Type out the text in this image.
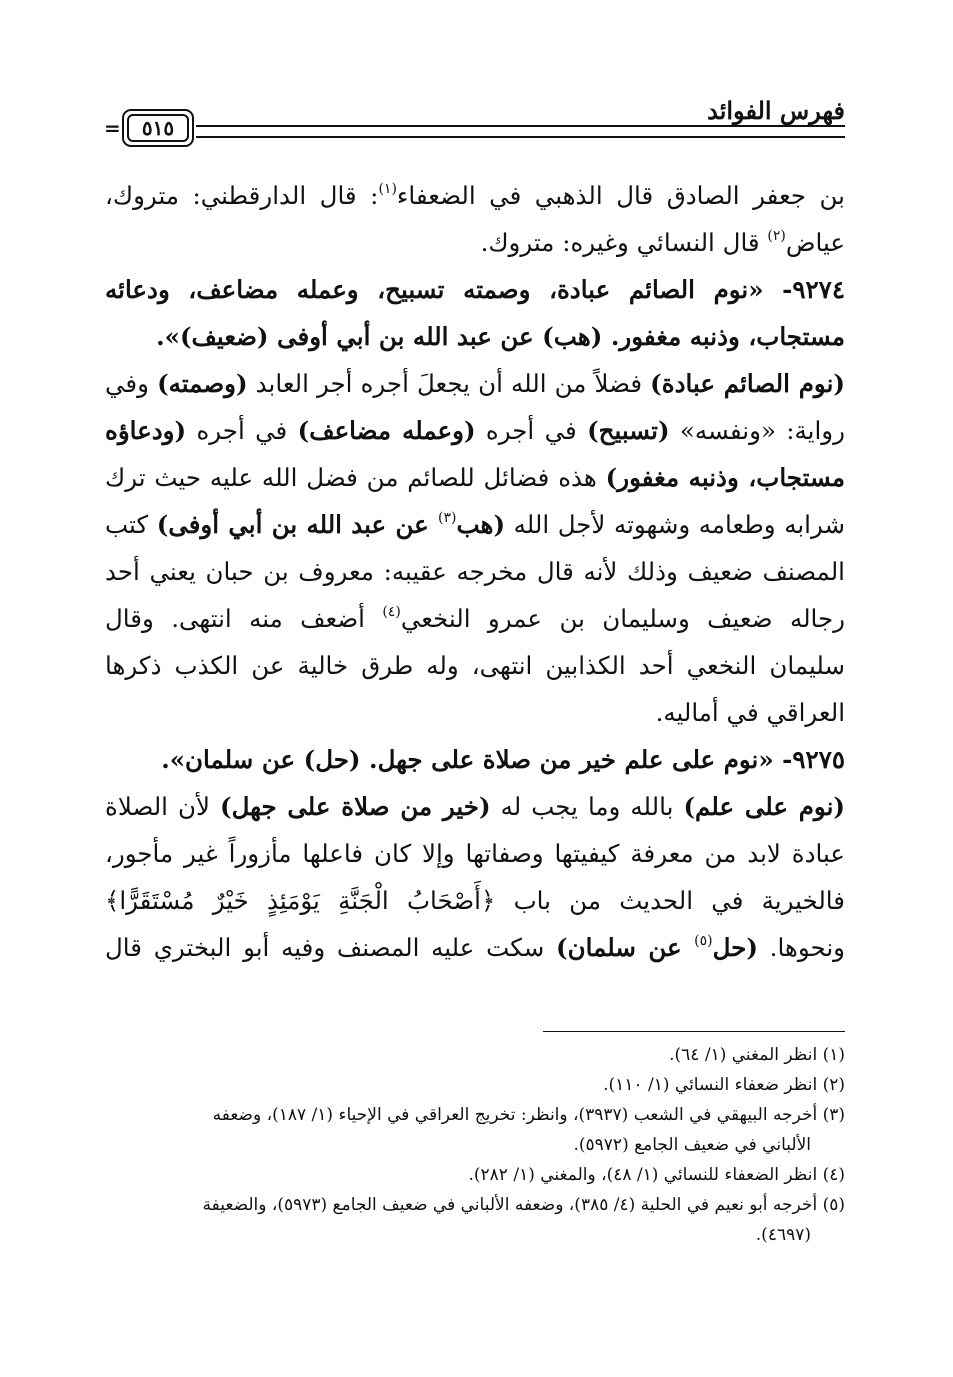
فهرس الفوائد
٥١٥
=
بن جعفر الصادق قال الذهبي في الضعفاء$^{(١)}$: قال الدارقطني: متروك،
عياض$^{(٢)}$ قال النسائي وغيره: متروك.
٩٢٧٤- «نوم الصائم عبادة، وصمته تسبيح، وعمله مضاعف، ودعائه
مستجاب، وذنبه مغفور. (هب) عن عبد الله بن أبي أوفى (ضعيف)».
(نوم الصائم عبادة) فضلاً من الله أن يجعلَ أجره أجر العابد (وصمته) وفي
رواية: «ونفسه» (تسبيح) في أجره (وعمله مضاعف) في أجره (ودعاؤه
مستجاب، وذنبه مغفور) هذه فضائل للصائم من فضل الله عليه حيث ترك
شرابه وطعامه وشهوته لأجل الله (هب$^{(٣)}$ عن عبد الله بن أبي أوفى) كتب
المصنف ضعيف وذلك لأنه قال مخرجه عقيبه: معروف بن حبان يعني أحد
رجاله ضعيف وسليمان بن عمرو النخعي$^{(٤)}$ أضعف منه انتهى. وقال
سليمان النخعي أحد الكذابين انتهى، وله طرق خالية عن الكذب ذكرها
العراقي في أماليه.
٩٢٧٥- «نوم على علم خير من صلاة على جهل. (حل) عن سلمان».
(نوم على علم) بالله وما يجب له (خير من صلاة على جهل) لأن الصلاة
عبادة لابد من معرفة كيفيتها وصفاتها وإلا كان فاعلها مأزوراً غير مأجور،
فالخيرية في الحديث من باب ﴿أَصْحَابُ الْجَنَّةِ يَوْمَئِذٍ خَيْرٌ مُسْتَقَرًّا﴾
ونحوها. (حل$^{(٥)}$ عن سلمان) سكت عليه المصنف وفيه أبو البختري قال
(١) انظر المغني (١/ ٦٤).
(٢) انظر ضعفاء النسائي (١/ ١١٠).
(٣) أخرجه البيهقي في الشعب (٣٩٣٧)، وانظر: تخريج العراقي في الإحياء (١/ ١٨٧)، وضعفه
الألباني في ضعيف الجامع (٥٩٧٢).
(٤) انظر الضعفاء للنسائي (١/ ٤٨)، والمغني (١/ ٢٨٢).
(٥) أخرجه أبو نعيم في الحلية (٤/ ٣٨٥)، وضعفه الألباني في ضعيف الجامع (٥٩٧٣)، والضعيفة
(٤٦٩٧).
